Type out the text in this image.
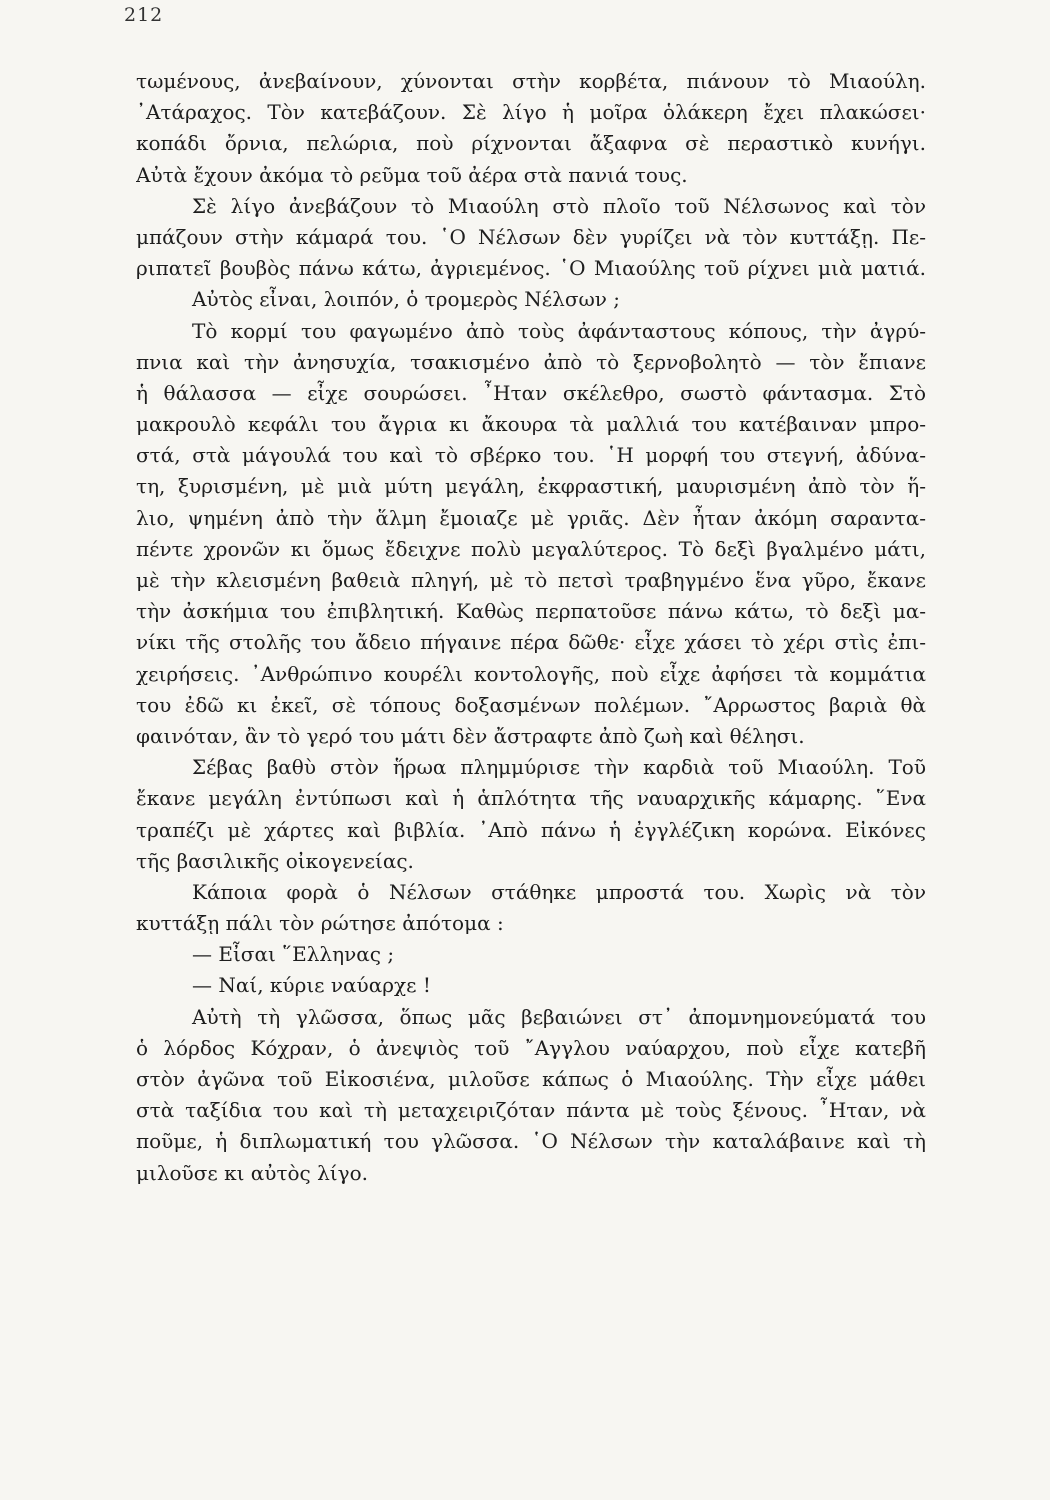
212
τωμένους, ἀνεβαίνουν, χύνονται στὴν κορβέτα, πιάνουν τὸ Μιαούλη.
᾿Ατάραχος. Τὸν κατεβάζουν. Σὲ λίγο ἡ μοῖρα ὁλάκερη ἔχει πλακώσει·
κοπάδι ὄρνια, πελώρια, ποὺ ρίχνονται ἄξαφνα σὲ περαστικὸ κυνήγι.
Αὐτὰ ἔχουν ἀκόμα τὸ ρεῦμα τοῦ ἀέρα στὰ πανιά τους.
Σὲ λίγο ἀνεβάζουν τὸ Μιαούλη στὸ πλοῖο τοῦ Νέλσωνος καὶ τὸν
μπάζουν στὴν κάμαρά του. ῾Ο Νέλσων δὲν γυρίζει νὰ τὸν κυττάξῃ. Πε-
ριπατεῖ βουβὸς πάνω κάτω, ἀγριεμένος. ῾Ο Μιαούλης τοῦ ρίχνει μιὰ ματιά.
Αὐτὸς εἶναι, λοιπόν, ὁ τρομερὸς Νέλσων ;
Τὸ κορμί του φαγωμένο ἀπὸ τοὺς ἀφάνταστους κόπους, τὴν ἀγρύ-
πνια καὶ τὴν ἀνησυχία, τσακισμένο ἀπὸ τὸ ξερνοβολητὸ — τὸν ἔπιανε
ἡ θάλασσα — εἶχε σουρώσει. ῏Ηταν σκέλεθρο, σωστὸ φάντασμα. Στὸ
μακρουλὸ κεφάλι του ἄγρια κι ἄκουρα τὰ μαλλιά του κατέβαιναν μπρο-
στά, στὰ μάγουλά του καὶ τὸ σβέρκο του. ῾Η μορφή του στεγνή, ἀδύνα-
τη, ξυρισμένη, μὲ μιὰ μύτη μεγάλη, ἐκφραστική, μαυρισμένη ἀπὸ τὸν ἥ-
λιο, ψημένη ἀπὸ τὴν ἅλμη ἔμοιαζε μὲ γριᾶς. Δὲν ἦταν ἀκόμη σαραντα-
πέντε χρονῶν κι ὅμως ἔδειχνε πολὺ μεγαλύτερος. Τὸ δεξὶ βγαλμένο μάτι,
μὲ τὴν κλεισμένη βαθειὰ πληγή, μὲ τὸ πετσὶ τραβηγμένο ἕνα γῦρο, ἔκανε
τὴν ἀσκήμια του ἐπιβλητική. Καθὼς περπατοῦσε πάνω κάτω, τὸ δεξὶ μα-
νίκι τῆς στολῆς του ἄδειο πήγαινε πέρα δῶθε· εἶχε χάσει τὸ χέρι στὶς ἐπι-
χειρήσεις. ᾿Ανθρώπινο κουρέλι κοντολογῆς, ποὺ εἶχε ἀφήσει τὰ κομμάτια
του ἐδῶ κι ἐκεῖ, σὲ τόπους δοξασμένων πολέμων. ῎Αρρωστος βαριὰ θὰ
φαινόταν, ἂν τὸ γερό του μάτι δὲν ἄστραφτε ἀπὸ ζωὴ καὶ θέλησι.
Σέβας βαθὺ στὸν ἥρωα πλημμύρισε τὴν καρδιὰ τοῦ Μιαούλη. Τοῦ
ἔκανε μεγάλη ἐντύπωσι καὶ ἡ ἁπλότητα τῆς ναυαρχικῆς κάμαρης. ῞Ενα
τραπέζι μὲ χάρτες καὶ βιβλία. ᾿Απὸ πάνω ἡ ἐγγλέζικη κορώνα. Εἰκόνες
τῆς βασιλικῆς οἰκογενείας.
Κάποια φορὰ ὁ Νέλσων στάθηκε μπροστά του. Χωρὶς νὰ τὸν
κυττάξῃ πάλι τὸν ρώτησε ἀπότομα :
— Εἶσαι ῞Ελληνας ;
— Ναί, κύριε ναύαρχε !
Αὐτὴ τὴ γλῶσσα, ὅπως μᾶς βεβαιώνει στ᾿ ἀπομνημονεύματά του
ὁ λόρδος Κόχραν, ὁ ἀνεψιὸς τοῦ ῎Αγγλου ναύαρχου, ποὺ εἶχε κατεβῆ
στὸν ἀγῶνα τοῦ Εἰκοσιένα, μιλοῦσε κάπως ὁ Μιαούλης. Τὴν εἶχε μάθει
στὰ ταξίδια του καὶ τὴ μεταχειριζόταν πάντα μὲ τοὺς ξένους. ῏Ηταν, νὰ
ποῦμε, ἡ διπλωματική του γλῶσσα. ῾Ο Νέλσων τὴν καταλάβαινε καὶ τὴ
μιλοῦσε κι αὐτὸς λίγο.
